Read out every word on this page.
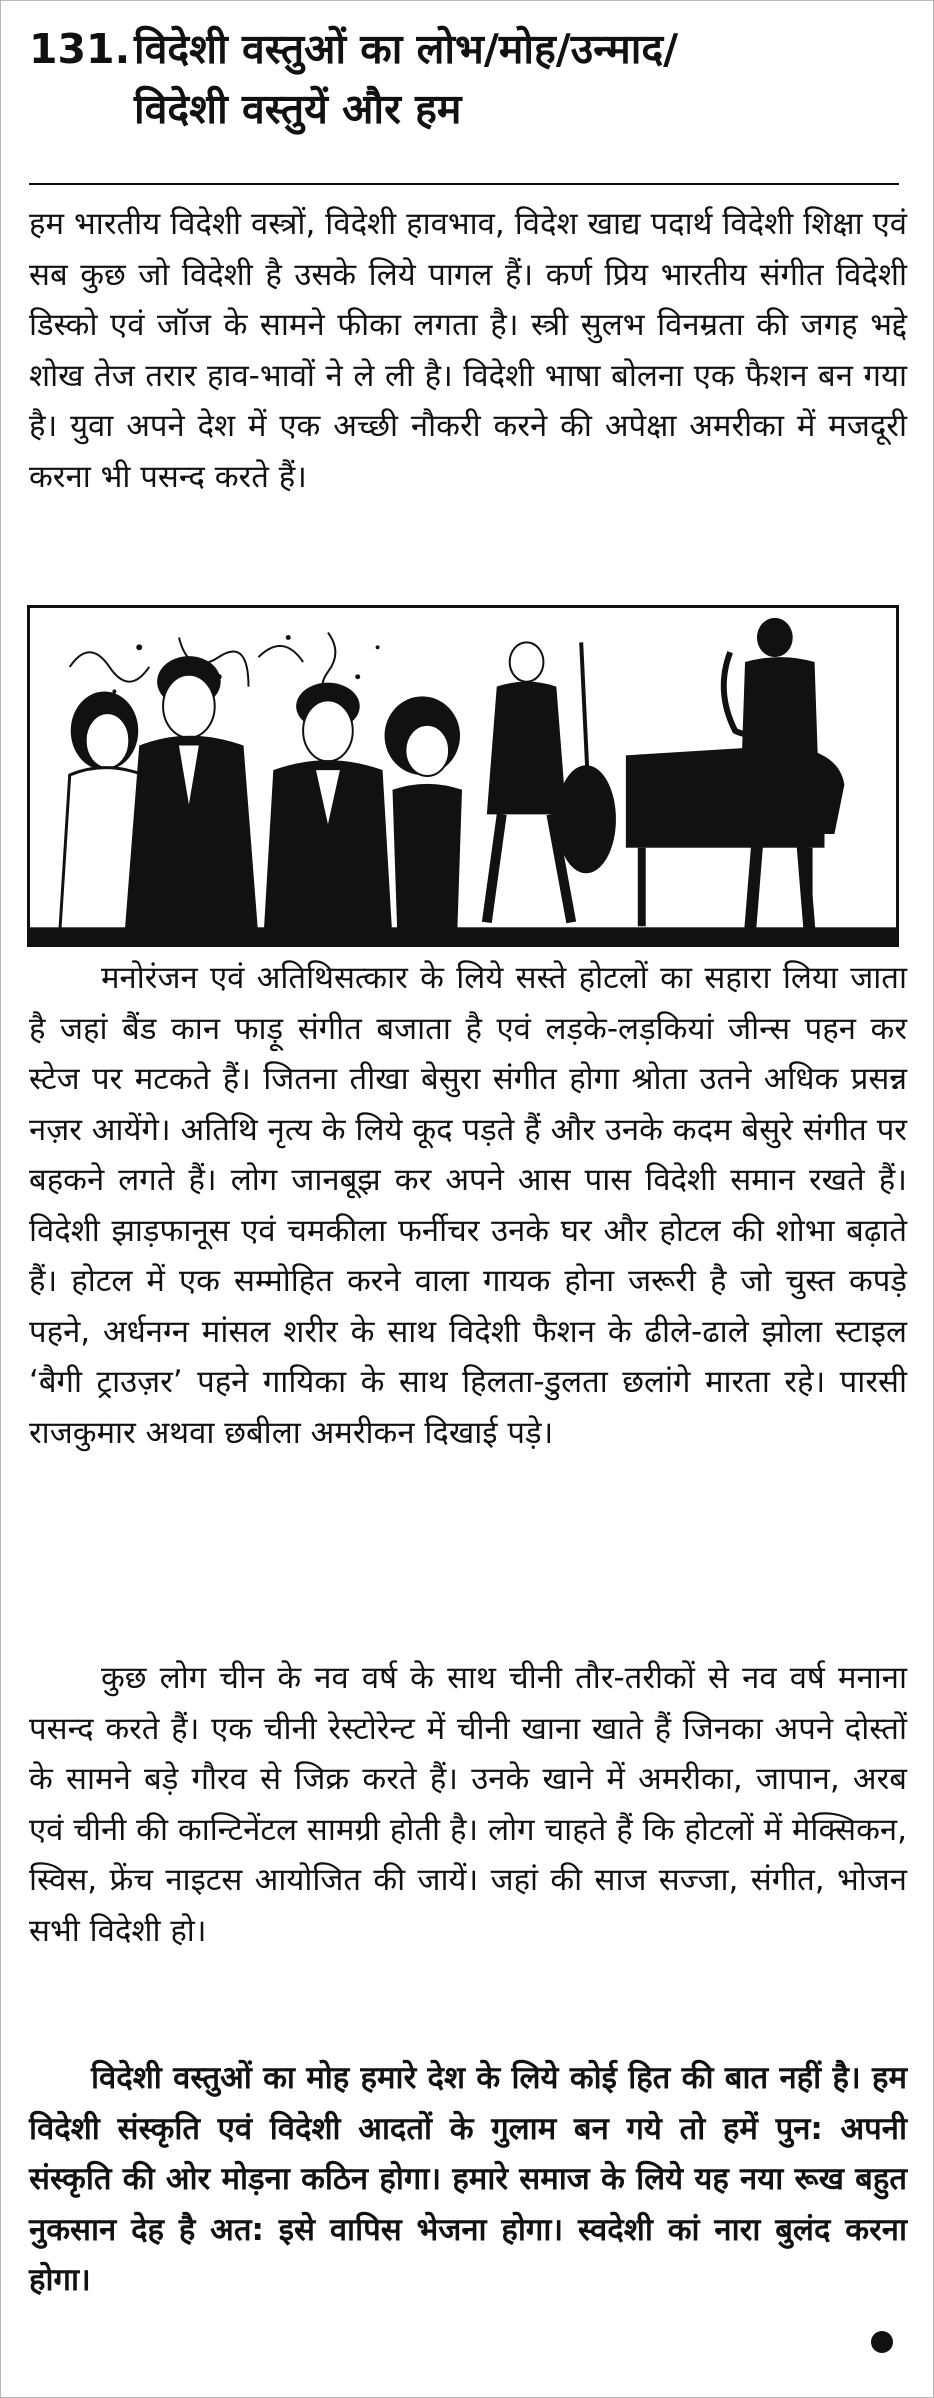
131.विदेशी वस्तुओं का लोभ/मोह/उन्माद/
विदेशी वस्तुयें और हम

हम भारतीय विदेशी वस्त्रों, विदेशी हावभाव, विदेश खाद्य पदार्थ विदेशी शिक्षा एवं सब कुछ जो विदेशी है उसके लिये पागल हैं। कर्ण प्रिय भारतीय संगीत विदेशी डिस्को एवं जॉज के सामने फीका लगता है। स्त्री सुलभ विनम्रता की जगह भद्दे शोख तेज तरार हाव-भावों ने ले ली है। विदेशी भाषा बोलना एक फैशन बन गया है। युवा अपने देश में एक अच्छी नौकरी करने की अपेक्षा अमरीका में मजदूरी करना भी पसन्द करते हैं।

मनोरंजन एवं अतिथिसत्कार के लिये सस्ते होटलों का सहारा लिया जाता है जहां बैंड कान फाड़ू संगीत बजाता है एवं लड़के-लड़कियां जीन्स पहन कर स्टेज पर मटकते हैं। जितना तीखा बेसुरा संगीत होगा श्रोता उतने अधिक प्रसन्न नज़र आयेंगे। अतिथि नृत्य के लिये कूद पड़ते हैं और उनके कदम बेसुरे संगीत पर बहकने लगते हैं। लोग जानबूझ कर अपने आस पास विदेशी समान रखते हैं। विदेशी झाड़फानूस एवं चमकीला फर्नीचर उनके घर और होटल की शोभा बढ़ाते हैं। होटल में एक सम्मोहित करने वाला गायक होना जरूरी है जो चुस्त कपड़े पहने, अर्धनग्न मांसल शरीर के साथ विदेशी फैशन के ढीले-ढाले झोला स्टाइल ‘बैगी ट्राउज़र’ पहने गायिका के साथ हिलता-डुलता छलांगे मारता रहे। पारसी राजकुमार अथवा छबीला अमरीकन दिखाई पड़े।

कुछ लोग चीन के नव वर्ष के साथ चीनी तौर-तरीकों से नव वर्ष मनाना पसन्द करते हैं। एक चीनी रेस्टोरेन्ट में चीनी खाना खाते हैं जिनका अपने दोस्तों के सामने बड़े गौरव से जिक्र करते हैं। उनके खाने में अमरीका, जापान, अरब एवं चीनी की कान्टिनेंटल सामग्री होती है। लोग चाहते हैं कि होटलों में मेक्सिकन, स्विस, फ्रेंच नाइटस आयोजित की जायें। जहां की साज सज्जा, संगीत, भोजन सभी विदेशी हो।

विदेशी वस्तुओं का मोह हमारे देश के लिये कोई हित की बात नहीं है। हम विदेशी संस्कृति एवं विदेशी आदतों के गुलाम बन गये तो हमें पुन: अपनी संस्कृति की ओर मोड़ना कठिन होगा। हमारे समाज के लिये यह नया रूख बहुत नुकसान देह है अत: इसे वापिस भेजना होगा। स्वदेशी कां नारा बुलंद करना होगा।
